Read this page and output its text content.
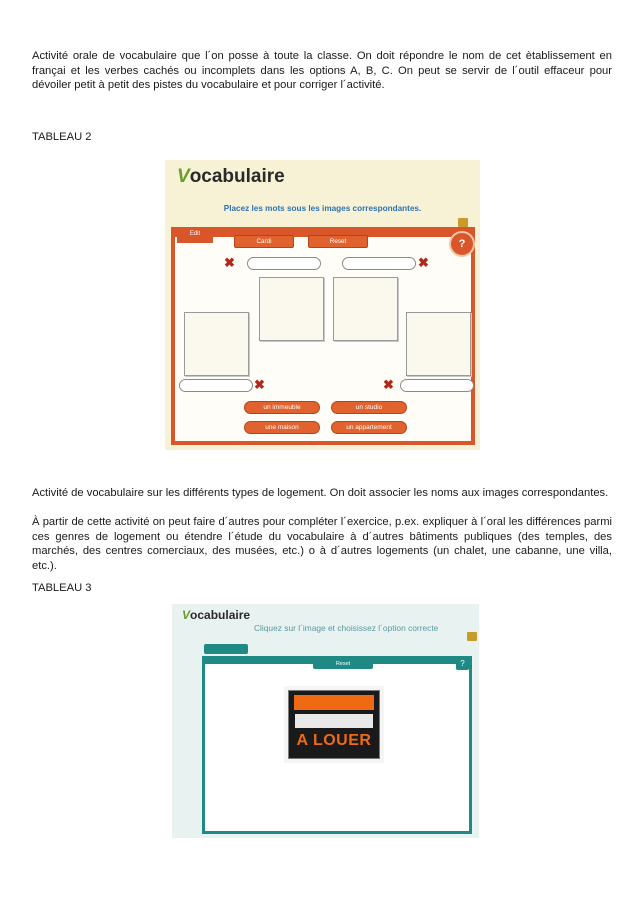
Activité orale de vocabulaire que l´on posse à toute la classe. On doit répondre le nom de cet ètablissement en françai et les verbes cachés ou incomplets dans les options A, B, C. On peut se servir de l´outil effaceur pour dévoiler petit à petit des pistes du vocabulaire et pour corriger l´activité.

TABLEAU 2

Vocabulaire
Placez les mots sous les images correspondantes.
Edit
Cardi	Reset	?
✖	✖
✖	✖
un immeuble	un studio
une maison	un appartement

Activité de vocabulaire sur les différents types de logement. On doit associer les noms aux images correspondantes.

À partir de cette activité on peut faire d´autres pour compléter l´exercice, p.ex. expliquer à l´oral les différences parmi ces genres de logement ou étendre l´étude du vocabulaire à d´autres bâtiments publiques (des temples, des marchés, des centres comerciaux, des musées, etc.) o à d´autres logements (un chalet, une cabanne, une villa, etc.).

TABLEAU 3

Vocabulaire
Cliquez sur l´image et choisissez l´option correcte
Reset	?
A LOUER
